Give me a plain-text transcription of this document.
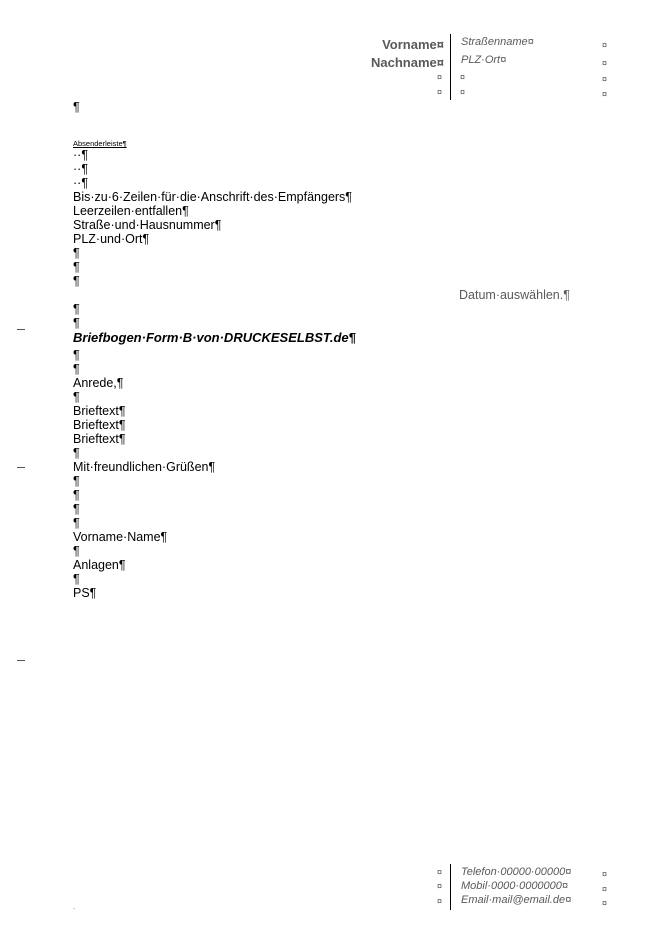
Vorname¤
Nachname¤
¤
¤
Straßenname¤
PLZ·Ort¤
¤
¤
¤
¤
¤
¤
¶
Absenderleiste¶
··¶
··¶
··¶
Bis·zu·6·Zeilen·für·die·Anschrift·des·Empfängers¶
Leerzeilen·entfallen¶
Straße·und·Hausnummer¶
PLZ·und·Ort¶
¶
¶
¶
Datum·auswählen.¶
¶
¶
Briefbogen·Form·B·von·DRUCKESELBST.de¶
¶
¶
Anrede,¶
¶
Brieftext¶
Brieftext¶
Brieftext¶
¶
Mit·freundlichen·Grüßen¶
¶
¶
¶
¶
Vorname·Name¶
¶
Anlagen¶
¶
PS¶
¤
¤
¤
Telefon·00000·00000¤
Mobil·0000·0000000¤
Email·mail@email.de¤
¤
¤
¤
.
